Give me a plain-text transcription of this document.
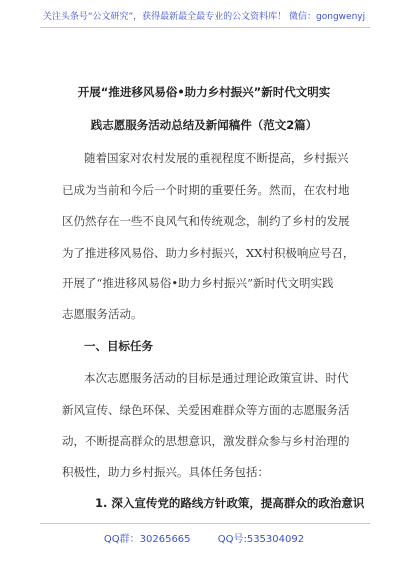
关注头条号“公文研究”，获得最新最全最专业的公文资料库！ 微信：gongwenyj
开展“推进移风易俗•助力乡村振兴”新时代文明实
践志愿服务活动总结及新闻稿件（范文2篇）
随着国家对农村发展的重视程度不断提高，乡村振兴
已成为当前和今后一个时期的重要任务。然而，在农村地
区仍然存在一些不良风气和传统观念，制约了乡村的发展
为了推进移风易俗、助力乡村振兴，XX村积极响应号召，
开展了“推进移风易俗•助力乡村振兴”新时代文明实践
志愿服务活动。
一、目标任务
本次志愿服务活动的目标是通过理论政策宣讲、时代
新风宣传、绿色环保、关爱困难群众等方面的志愿服务活
动，不断提高群众的思想意识，激发群众参与乡村治理的
积极性，助力乡村振兴。具体任务包括：
1. 深入宣传党的路线方针政策，提高群众的政治意识
QQ群：30265665	QQ号:535304092
